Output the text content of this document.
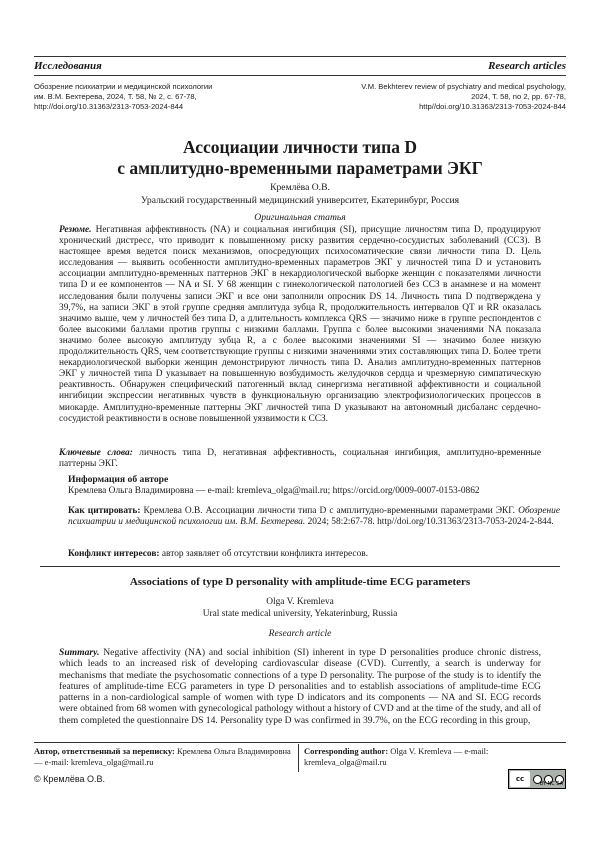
Исследования	Research articles
Обозрение психиатрии и медицинской психологии
им. В.М. Бехтерева, 2024, Т. 58, № 2, с. 67-78,
http://doi.org/10.31363/2313-7053-2024-844
V.M. Bekhterev review of psychiatry and medical psychology,
2024, T. 58, no 2, pp. 67-78,
http//doi.org/10.31363/2313-7053-2024-844
Ассоциации личности типа D
с амплитудно-временными параметрами ЭКГ
Кремлёва О.В.
Уральский государственный медицинский университет, Екатеринбург, Россия
Оригинальная статья
Резюме. Негативная аффективность (NA) и социальная ингибиция (SI), присущие личностям типа D, продуцируют хронический дистресс, что приводит к повышенному риску развития сердечно-сосудистых заболеваний (ССЗ). В настоящее время ведется поиск механизмов, опосредующих психосоматические связи личности типа D. Цель исследования — выявить особенности амплитудно-временных параметров ЭКГ у личностей типа D и установить ассоциации амплитудно-временных паттернов ЭКГ в некардиологической выборке женщин с показателями личности типа D и ее компонентов — NA и SI. У 68 женщин с гинекологической патологией без ССЗ в анамнезе и на момент исследования были получены записи ЭКГ и все они заполнили опросник DS 14. Личность типа D подтверждена у 39,7%, на записи ЭКГ в этой группе средняя амплитуда зубца R, продолжительность интервалов QT и RR оказалась значимо выше, чем у личностей без типа D, а длительность комплекса QRS — значимо ниже в группе респондентов с более высокими баллами против группы с низкими баллами. Группа с более высокими значениями NA показала значимо более высокую амплитуду зубца R, а с более высокими значениями SI — значимо более низкую продолжительность QRS, чем соответствующие группы с низкими значениями этих составляющих типа D. Более трети некардиологической выборки женщин демонстрируют личность типа D. Анализ амплитудно-временных паттернов ЭКГ у личностей типа D указывает на повышенную возбудимость желудочков сердца и чрезмерную симпатическую реактивность. Обнаружен специфический патогенный вклад синергизма негативной аффективности и социальной ингибиции экспрессии негативных чувств в функциональную организацию электрофизиологических процессов в миокарде. Амплитудно-временные паттерны ЭКГ личностей типа D указывают на автономный дисбаланс сердечно-сосудистой реактивности в основе повышенной уязвимости к ССЗ.
Ключевые слова: личность типа D, негативная аффективность, социальная ингибиция, амплитудно-временные паттерны ЭКГ.
Информация об авторе
Кремлева Ольга Владимировна — e-mail: kremleva_olga@mail.ru; https://orcid.org/0009-0007-0153-0862
Как цитировать: Кремлева О.В. Ассоциации личности типа D с амплитудно-временными параметрами ЭКГ. Обозрение психиатрии и медицинской психологии им. В.М. Бехтерева. 2024; 58:2:67-78. http//doi.org/10.31363/2313-7053-2024-2-844.
Конфликт интересов: автор заявляет об отсутствии конфликта интересов.
Associations of type D personality with amplitude-time ECG parameters
Olga V. Kremleva
Ural state medical university, Yekaterinburg, Russia
Research article
Summary. Negative affectivity (NA) and social inhibition (SI) inherent in type D personalities produce chronic distress, which leads to an increased risk of developing cardiovascular disease (CVD). Currently, a search is underway for mechanisms that mediate the psychosomatic connections of a type D personality. The purpose of the study is to identify the features of amplitude-time ECG parameters in type D personalities and to establish associations of amplitude-time ECG patterns in a non-cardiological sample of women with type D indicators and its components — NA and SI. ECG records were obtained from 68 women with gynecological pathology without a history of CVD and at the time of the study, and all of them completed the questionnaire DS 14. Personality type D was confirmed in 39.7%, on the ECG recording in this group,
Автор, ответственный за переписку: Кремлева Ольга Владимировна — e-mail: kremleva_olga@mail.ru
Corresponding author: Olga V. Kremleva — e-mail: kremleva_olga@mail.ru
© Кремлёва О.В.	cc
BY NC SA
